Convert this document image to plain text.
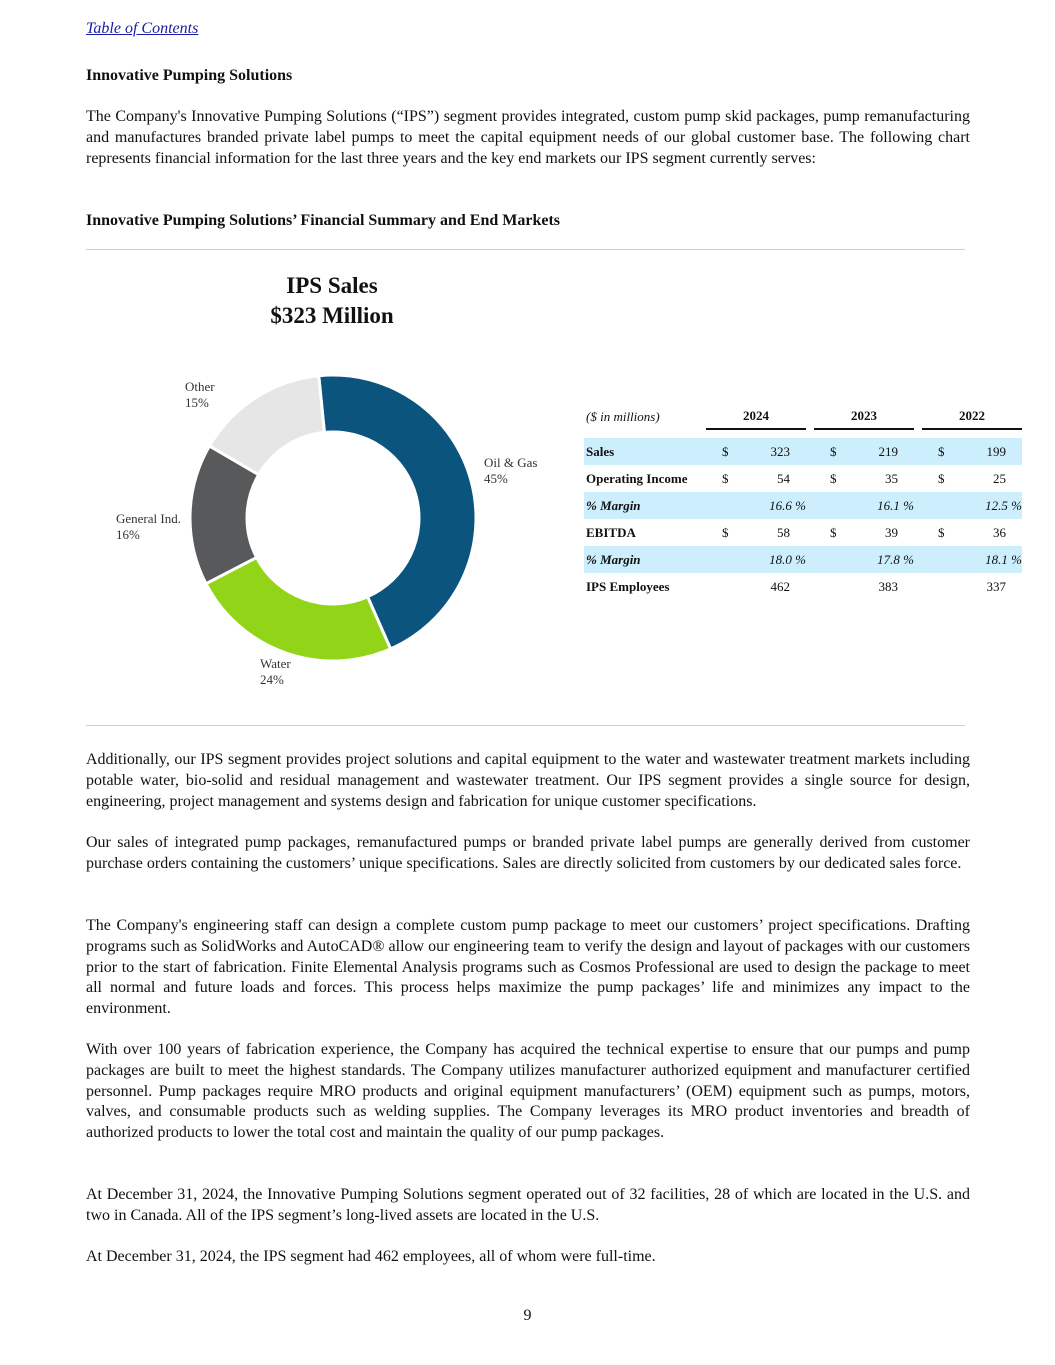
Table of Contents
Innovative Pumping Solutions

The Company's Innovative Pumping Solutions (“IPS”) segment provides integrated, custom pump skid packages, pump remanufacturing and manufactures branded private label pumps to meet the capital equipment needs of our global customer base. The following chart represents financial information for the last three years and the key end markets our IPS segment currently serves:

Innovative Pumping Solutions’ Financial Summary and End Markets
IPS Sales
$323 Million
Other
15%
Oil & Gas
45%
General Ind.
16%
Water
24%
($ in millions)		2024			2023			2022	

Sales		$	323		$	219		$	199
Operating Income		$	54		$	35		$	25
% Margin			16.6 %			16.1 %			12.5 %
EBITDA		$	58		$	39		$	36
% Margin			18.0 %			17.8 %			18.1 %
IPS Employees			462			383			337

Additionally, our IPS segment provides project solutions and capital equipment to the water and wastewater treatment markets including potable water, bio-solid and residual management and wastewater treatment. Our IPS segment provides a single source for design, engineering, project management and systems design and fabrication for unique customer specifications.

Our sales of integrated pump packages, remanufactured pumps or branded private label pumps are generally derived from customer purchase orders containing the customers’ unique specifications. Sales are directly solicited from customers by our dedicated sales force.

The Company's engineering staff can design a complete custom pump package to meet our customers’ project specifications. Drafting programs such as SolidWorks and AutoCAD® allow our engineering team to verify the design and layout of packages with our customers prior to the start of fabrication. Finite Elemental Analysis programs such as Cosmos Professional are used to design the package to meet all normal and future loads and forces. This process helps maximize the pump packages’ life and minimizes any impact to the environment.

With over 100 years of fabrication experience, the Company has acquired the technical expertise to ensure that our pumps and pump packages are built to meet the highest standards. The Company utilizes manufacturer authorized equipment and manufacturer certified personnel. Pump packages require MRO products and original equipment manufacturers’ (OEM) equipment such as pumps, motors, valves, and consumable products such as welding supplies. The Company leverages its MRO product inventories and breadth of authorized products to lower the total cost and maintain the quality of our pump packages.

At December 31, 2024, the Innovative Pumping Solutions segment operated out of 32 facilities, 28 of which are located in the U.S. and two in Canada. All of the IPS segment’s long-lived assets are located in the U.S.

At December 31, 2024, the IPS segment had 462 employees, all of whom were full-time.

9
